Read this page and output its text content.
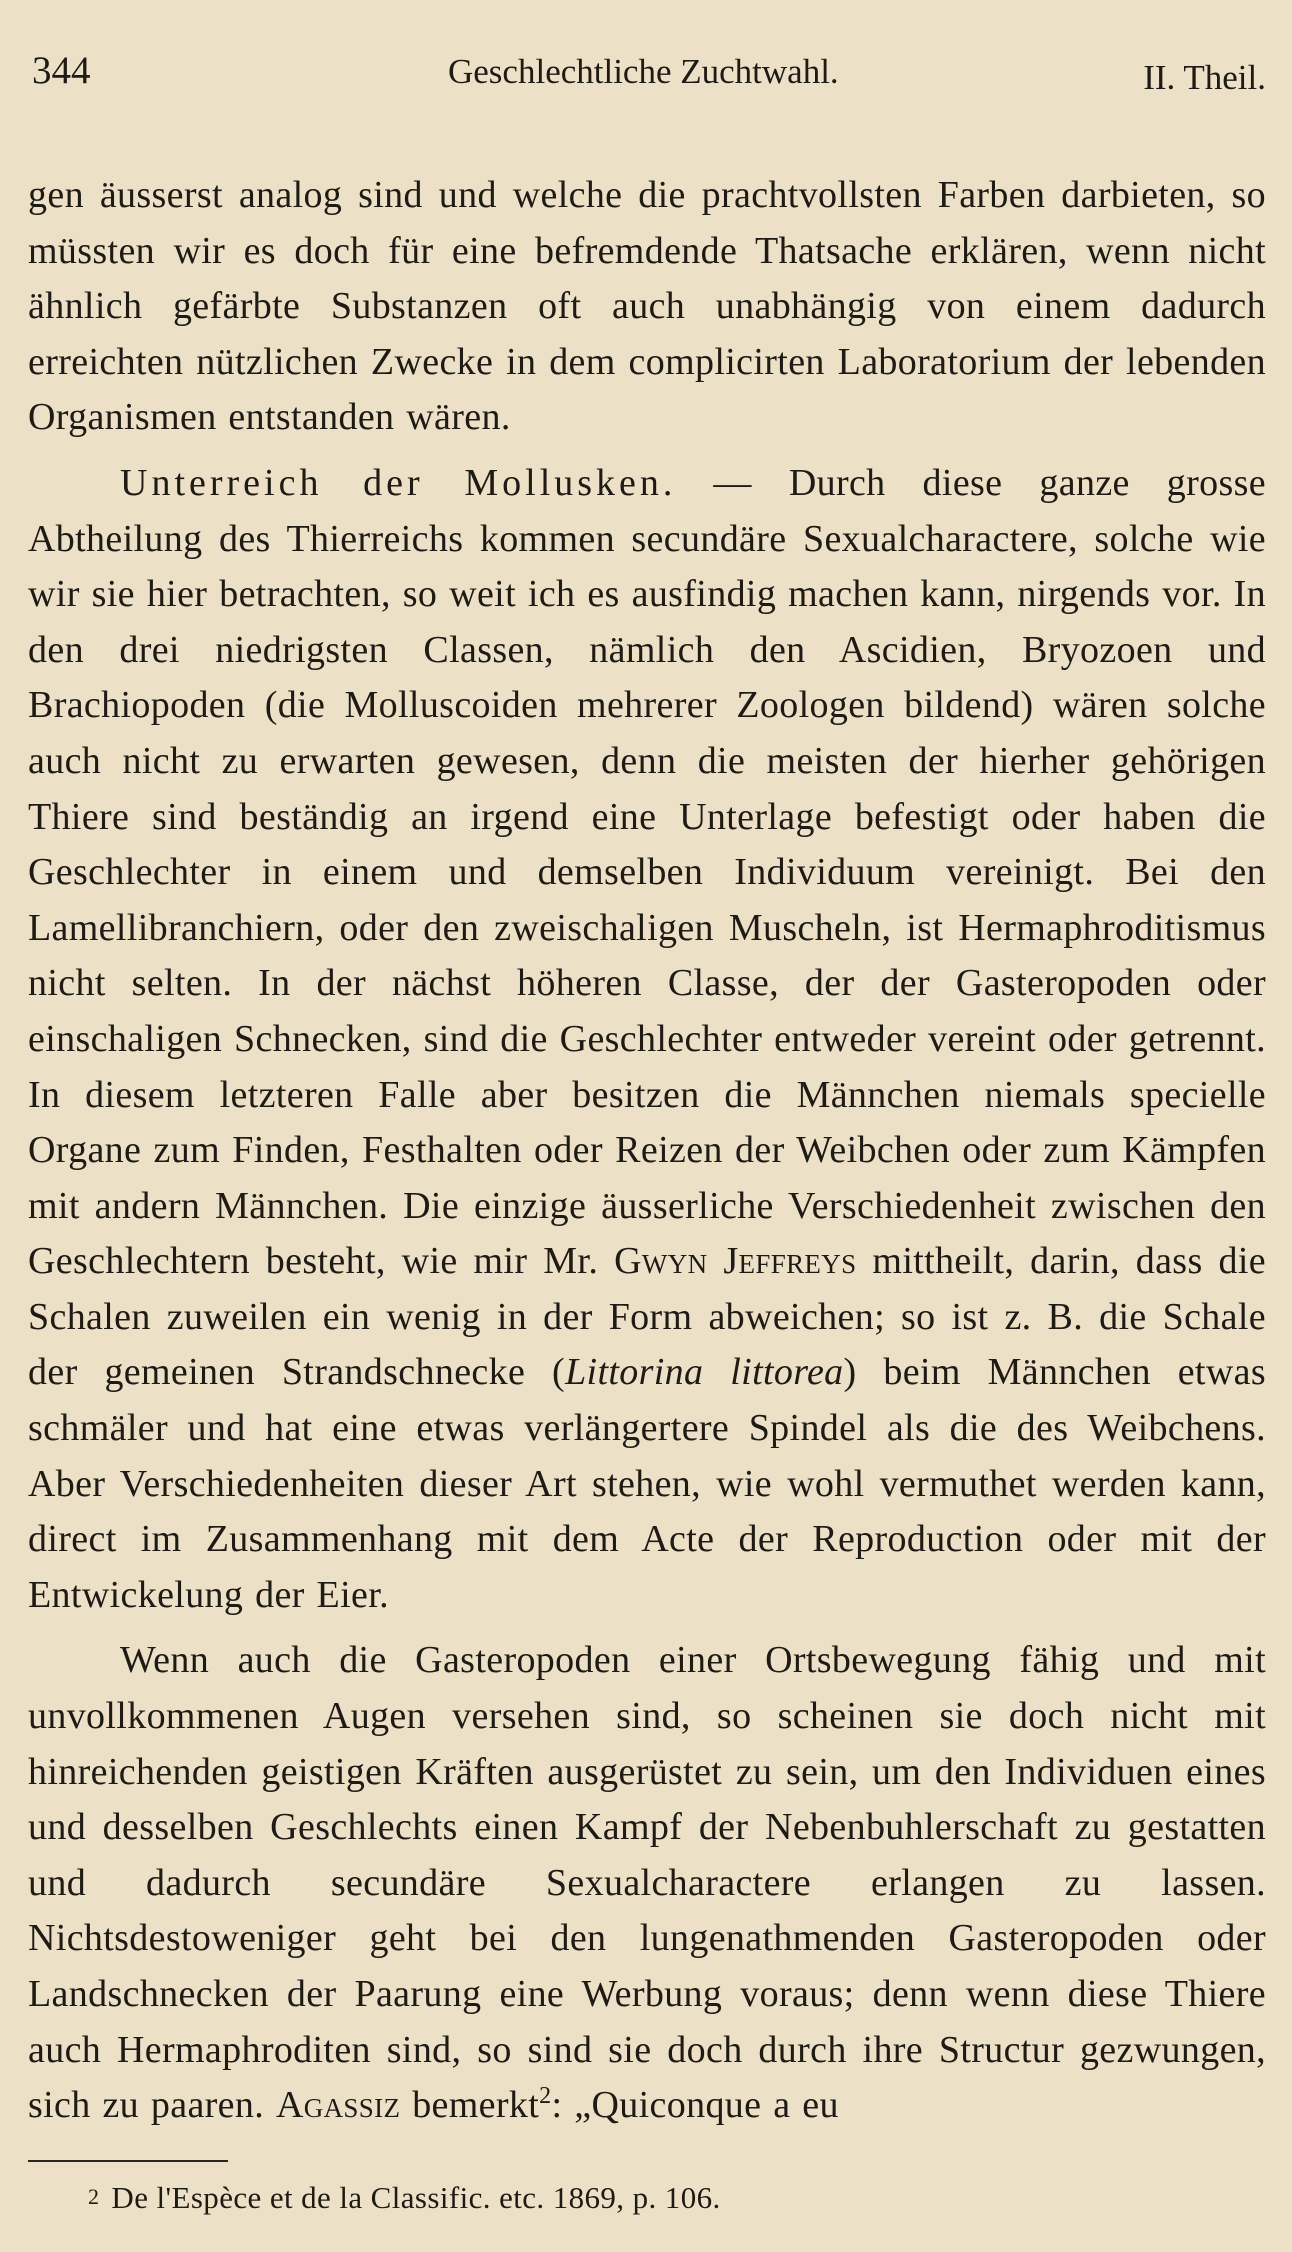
344	Geschlechtliche Zuchtwahl.	II. Theil.

gen äusserst analog sind und welche die prachtvollsten Farben darbieten, so müssten wir es doch für eine befremdende Thatsache erklären, wenn nicht ähnlich gefärbte Substanzen oft auch unabhängig von einem dadurch erreichten nützlichen Zwecke in dem complicirten Laboratorium der lebenden Organismen entstanden wären.

Unterreich der Mollusken. — Durch diese ganze grosse Abtheilung des Thierreichs kommen secundäre Sexualcharactere, solche wie wir sie hier betrachten, so weit ich es ausfindig machen kann, nirgends vor. In den drei niedrigsten Classen, nämlich den Ascidien, Bryozoen und Brachiopoden (die Molluscoiden mehrerer Zoologen bildend) wären solche auch nicht zu erwarten gewesen, denn die meisten der hierher gehörigen Thiere sind beständig an irgend eine Unterlage befestigt oder haben die Geschlechter in einem und demselben Individuum vereinigt. Bei den Lamellibranchiern, oder den zweischaligen Muscheln, ist Hermaphroditismus nicht selten. In der nächst höheren Classe, der der Gasteropoden oder einschaligen Schnecken, sind die Geschlechter entweder vereint oder getrennt. In diesem letzteren Falle aber besitzen die Männchen niemals specielle Organe zum Finden, Festhalten oder Reizen der Weibchen oder zum Kämpfen mit andern Männchen. Die einzige äusserliche Verschiedenheit zwischen den Geschlechtern besteht, wie mir Mr. Gwyn Jeffreys mittheilt, darin, dass die Schalen zuweilen ein wenig in der Form abweichen; so ist z. B. die Schale der gemeinen Strandschnecke (Littorina littorea) beim Männchen etwas schmäler und hat eine etwas verlängertere Spindel als die des Weibchens. Aber Verschiedenheiten dieser Art stehen, wie wohl vermuthet werden kann, direct im Zusammenhang mit dem Acte der Reproduction oder mit der Entwickelung der Eier.

Wenn auch die Gasteropoden einer Ortsbewegung fähig und mit unvollkommenen Augen versehen sind, so scheinen sie doch nicht mit hinreichenden geistigen Kräften ausgerüstet zu sein, um den Individuen eines und desselben Geschlechts einen Kampf der Nebenbuhlerschaft zu gestatten und dadurch secundäre Sexualcharactere erlangen zu lassen. Nichtsdestoweniger geht bei den lungenathmenden Gasteropoden oder Landschnecken der Paarung eine Werbung voraus; denn wenn diese Thiere auch Hermaphroditen sind, so sind sie doch durch ihre Structur gezwungen, sich zu paaren. Agassiz bemerkt$^2$: „Quiconque a eu

$^2$ De l'Espèce et de la Classific. etc. 1869, p. 106.
